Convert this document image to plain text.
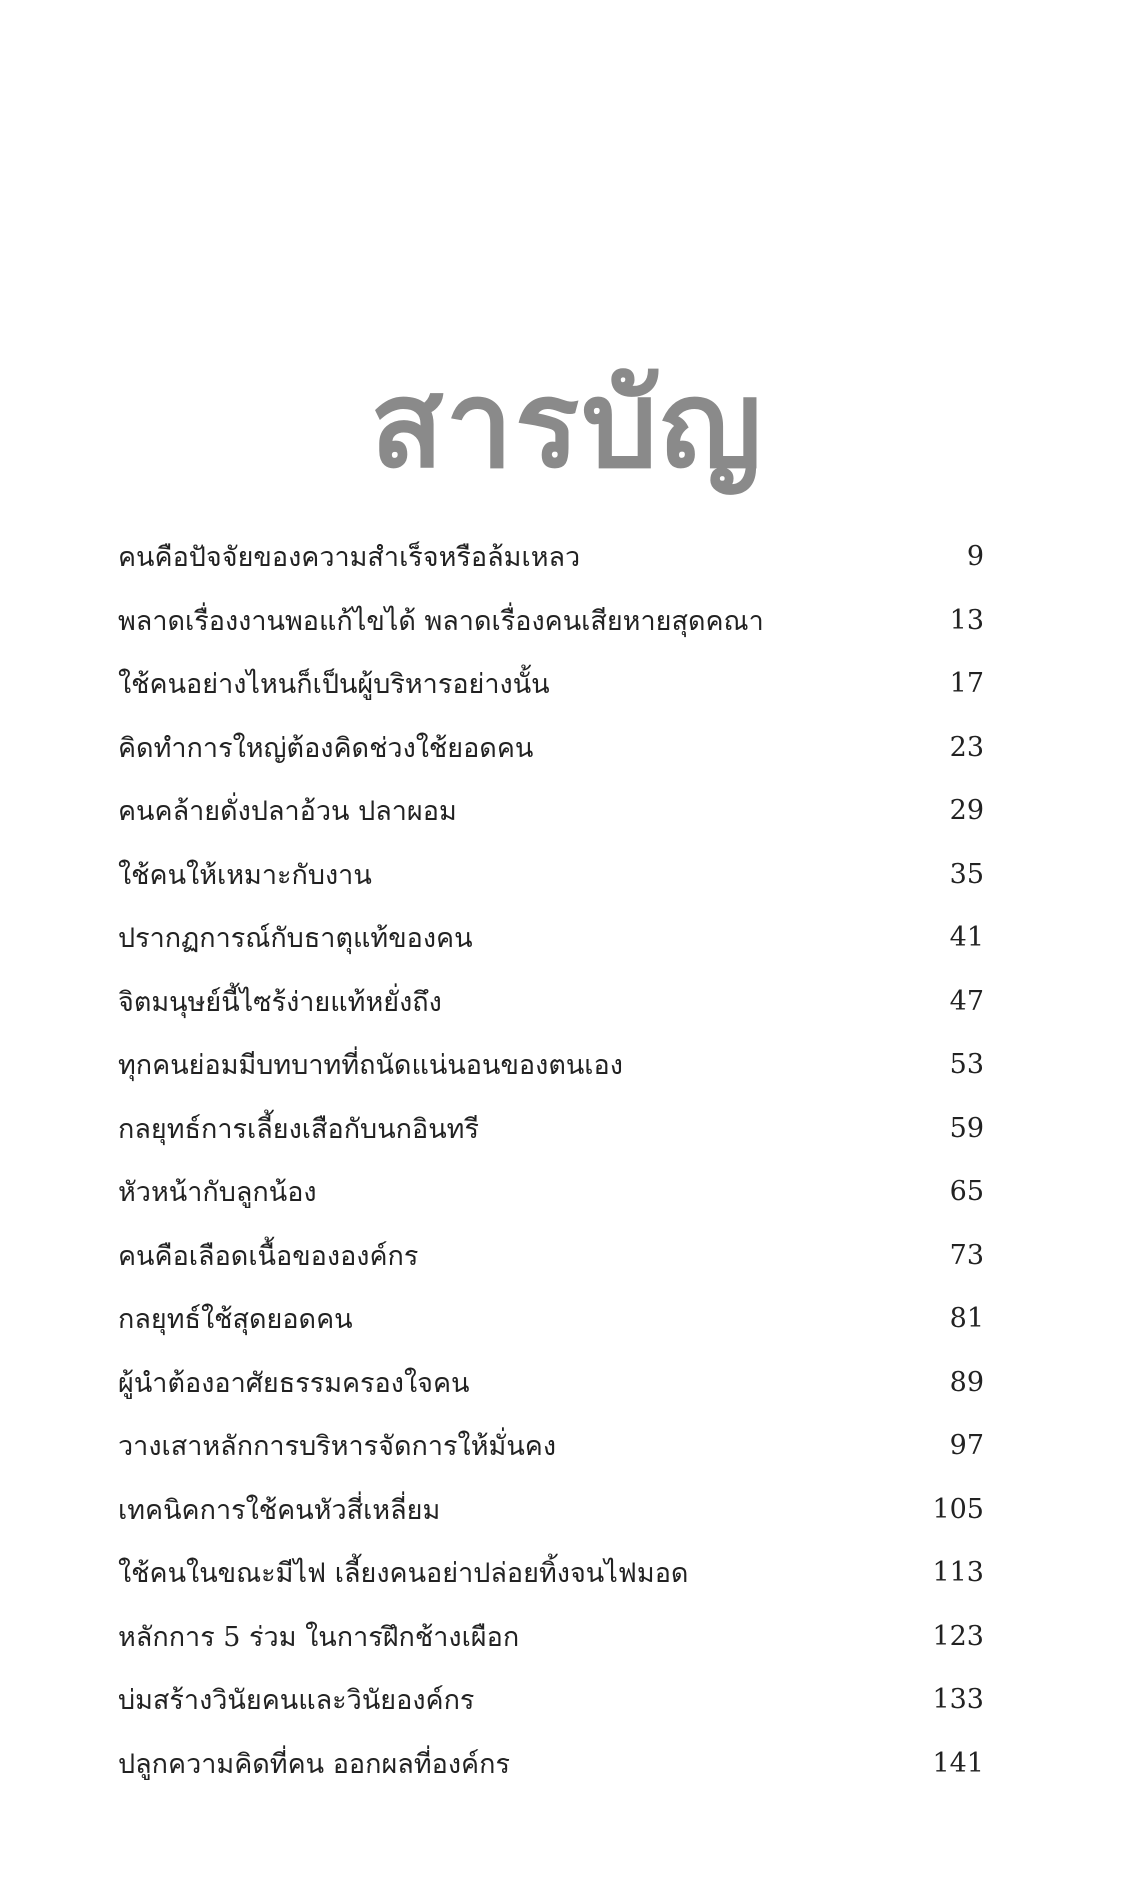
สารบัญ
คนคือปัจจัยของความสำเร็จหรือล้มเหลว	9
พลาดเรื่องงานพอแก้ไขได้ พลาดเรื่องคนเสียหายสุดคณา	13
ใช้คนอย่างไหนก็เป็นผู้บริหารอย่างนั้น	17
คิดทำการใหญ่ต้องคิดช่วงใช้ยอดคน	23
คนคล้ายดั่งปลาอ้วน ปลาผอม	29
ใช้คนให้เหมาะกับงาน	35
ปรากฏการณ์กับธาตุแท้ของคน	41
จิตมนุษย์นี้ไซร้ง่ายแท้หยั่งถึง	47
ทุกคนย่อมมีบทบาทที่ถนัดแน่นอนของตนเอง	53
กลยุทธ์การเลี้ยงเสือกับนกอินทรี	59
หัวหน้ากับลูกน้อง	65
คนคือเลือดเนื้อขององค์กร	73
กลยุทธ์ใช้สุดยอดคน	81
ผู้นำต้องอาศัยธรรมครองใจคน	89
วางเสาหลักการบริหารจัดการให้มั่นคง	97
เทคนิคการใช้คนหัวสี่เหลี่ยม	105
ใช้คนในขณะมีไฟ เลี้ยงคนอย่าปล่อยทิ้งจนไฟมอด	113
หลักการ 5 ร่วม ในการฝึกช้างเผือก	123
บ่มสร้างวินัยคนและวินัยองค์กร	133
ปลูกความคิดที่คน ออกผลที่องค์กร	141
